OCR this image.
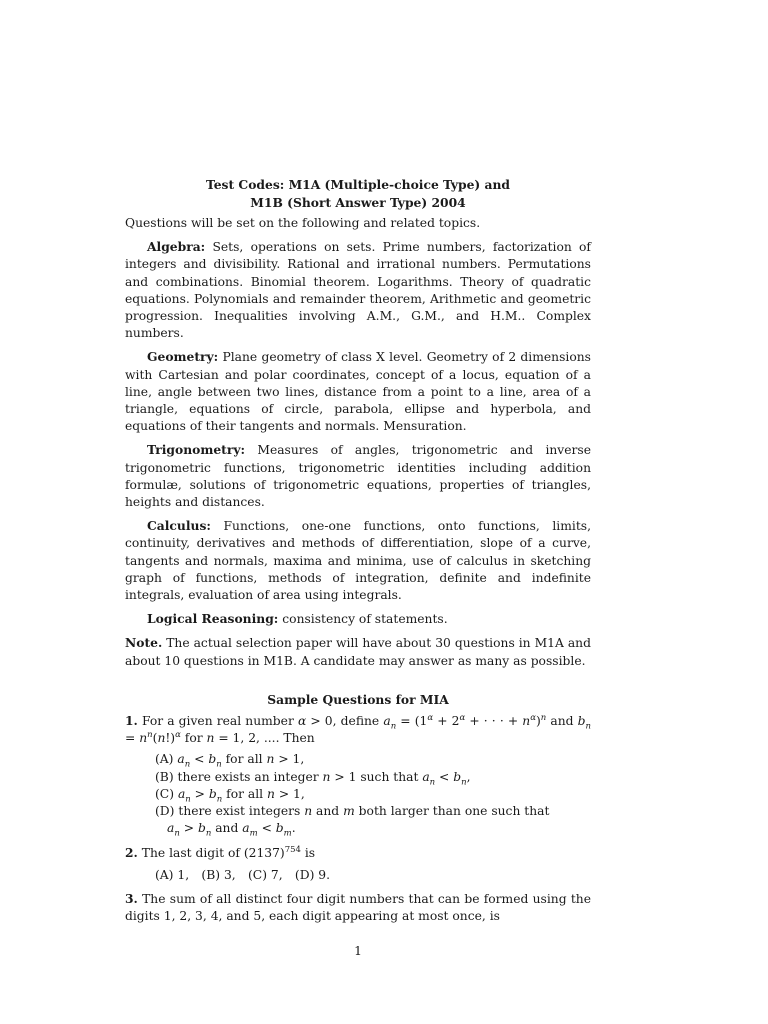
Test Codes: M1A (Multiple-choice Type) and
M1B (Short Answer Type) 2004

Questions will be set on the following and related topics.

Algebra: Sets, operations on sets. Prime numbers, factorization of integers and divisibility. Rational and irrational numbers. Permutations and combinations. Binomial theorem. Logarithms. Theory of quadratic equations. Polynomials and remainder theorem, Arithmetic and geometric progression. Inequalities involving A.M., G.M., and H.M.. Complex numbers.

Geometry: Plane geometry of class X level. Geometry of 2 dimensions with Cartesian and polar coordinates, concept of a locus, equation of a line, angle between two lines, distance from a point to a line, area of a triangle, equations of circle, parabola, ellipse and hyperbola, and equations of their tangents and normals. Mensuration.

Trigonometry: Measures of angles, trigonometric and inverse trigonometric functions, trigonometric identities including addition formulæ, solutions of trigonometric equations, properties of triangles, heights and distances.

Calculus: Functions, one-one functions, onto functions, limits, continuity, derivatives and methods of differentiation, slope of a curve, tangents and normals, maxima and minima, use of calculus in sketching graph of functions, methods of integration, definite and indefinite integrals, evaluation of area using integrals.

Logical Reasoning: consistency of statements.

Note. The actual selection paper will have about 30 questions in M1A and about 10 questions in M1B. A candidate may answer as many as possible.

Sample Questions for MIA
1. For a given real number α > 0, define $a_n = (1^\alpha + 2^\alpha$ + · · · + $n^\alpha)^n$ and $b_n = n^n(n!)^\alpha$ for n = 1, 2, .... Then
(A) $a_n < b_n$ for all n > 1,
(B) there exists an integer n > 1 such that $a_n < b_n$,
(C) $a_n > b_n$ for all n > 1,
(D) there exist integers n and m both larger than one such that
$a_n > b_n$ and $a_m < b_m$.
2. The last digit of $(2137)^{754}$ is
(A) 1, (B) 3, (C) 7, (D) 9.
3. The sum of all distinct four digit numbers that can be formed using the digits 1, 2, 3, 4, and 5, each digit appearing at most once, is
1
